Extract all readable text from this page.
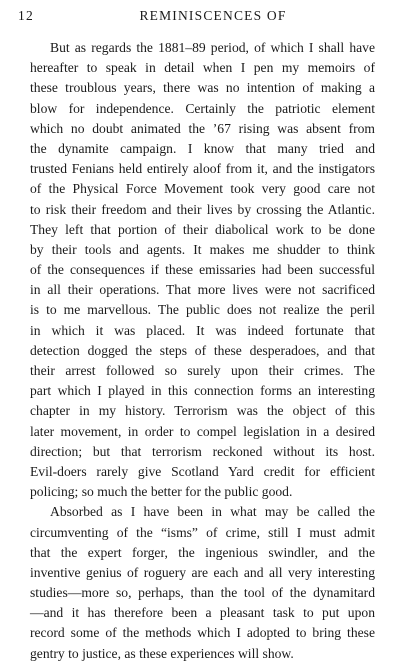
12	REMINISCENCES OF
But as regards the 1881–89 period, of which I shall have
hereafter to speak in detail when I pen my memoirs of
these troublous years, there was no intention of making a
blow for independence. Certainly the patriotic element
which no doubt animated the ’67 rising was absent from
the dynamite campaign. I know that many tried and
trusted Fenians held entirely aloof from it, and the instigators
of the Physical Force Movement took very good care not
to risk their freedom and their lives by crossing the Atlantic.
They left that portion of their diabolical work to be done
by their tools and agents. It makes me shudder to think
of the consequences if these emissaries had been successful
in all their operations. That more lives were not sacrificed
is to me marvellous. The public does not realize the peril
in which it was placed. It was indeed fortunate that
detection dogged the steps of these desperadoes, and that
their arrest followed so surely upon their crimes. The
part which I played in this connection forms an interesting
chapter in my history. Terrorism was the object of this
later movement, in order to compel legislation in a desired
direction; but that terrorism reckoned without its host.
Evil-doers rarely give Scotland Yard credit for efficient
policing; so much the better for the public good.
Absorbed as I have been in what may be called the
circumventing of the “isms” of crime, still I must admit
that the expert forger, the ingenious swindler, and the
inventive genius of roguery are each and all very interesting
studies—more so, perhaps, than the tool of the dynamitard
—and it has therefore been a pleasant task to put upon
record some of the methods which I adopted to bring these
gentry to justice, as these experiences will show.
